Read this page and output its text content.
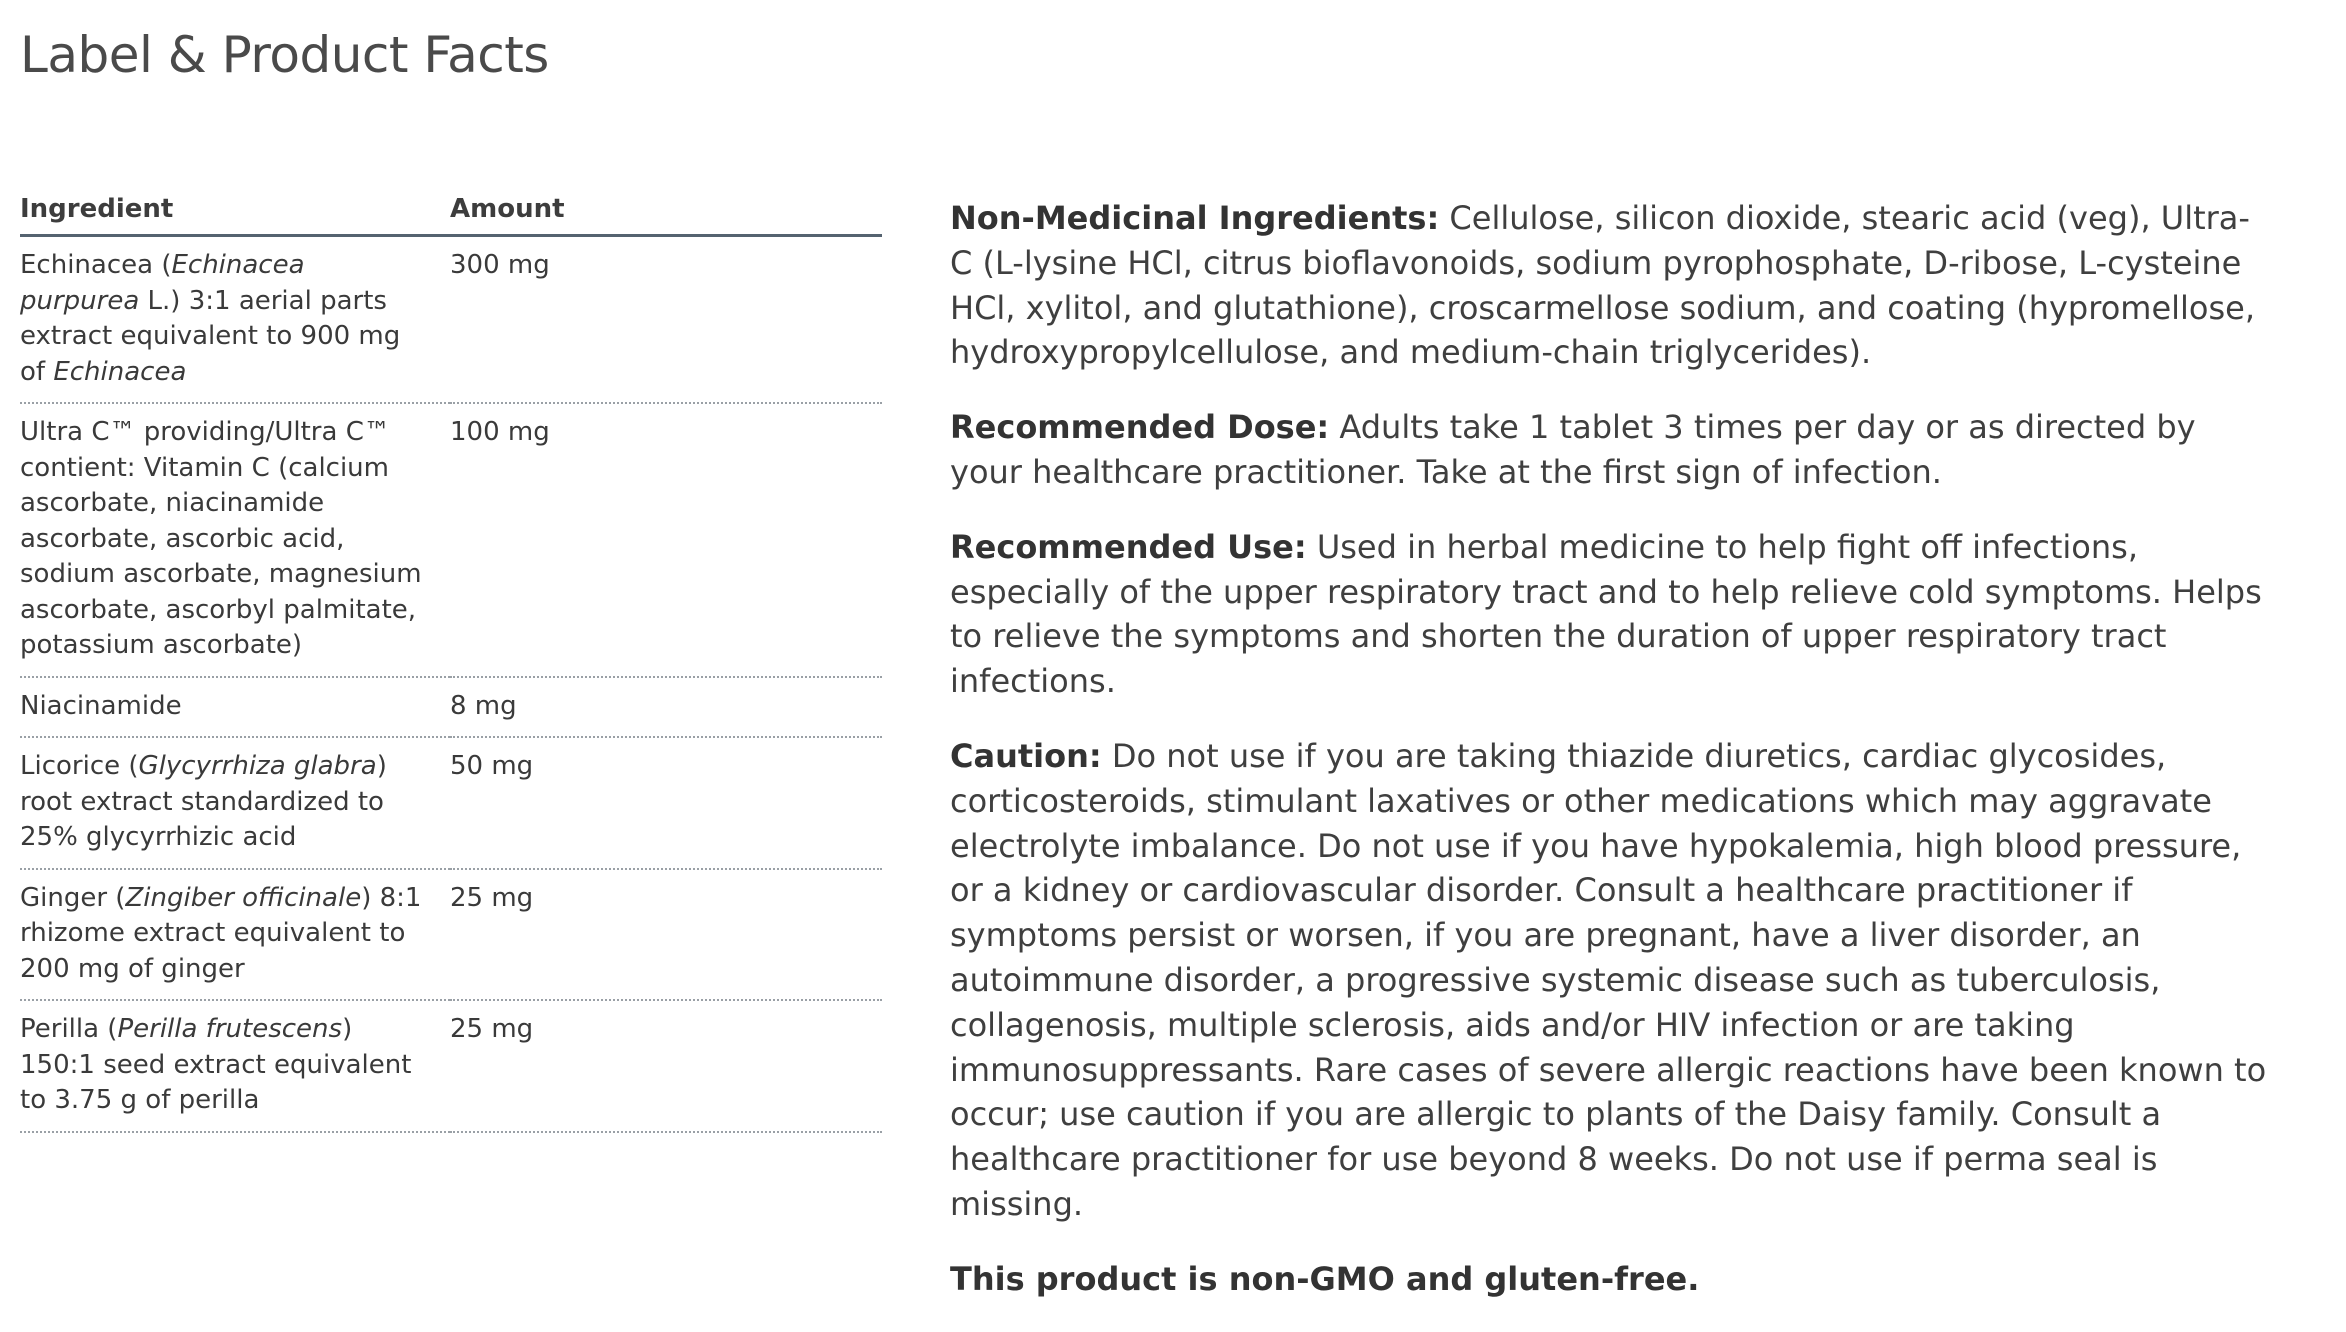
Label & Product Facts
Ingredient	Amount
Echinacea (Echinacea purpurea L.) 3:1 aerial parts extract equivalent to 900 mg of Echinacea	300 mg
Ultra C™ providing/Ultra C™ contient: Vitamin C (calcium ascorbate, niacinamide ascorbate, ascorbic acid, sodium ascorbate, magnesium ascorbate, ascorbyl palmitate, potassium ascorbate)	100 mg
Niacinamide	8 mg
Licorice (Glycyrrhiza glabra) root extract standardized to 25% glycyrrhizic acid	50 mg
Ginger (Zingiber officinale) 8:1 rhizome extract equivalent to 200 mg of ginger	25 mg
Perilla (Perilla frutescens) 150:1 seed extract equivalent to 3.75 g of perilla	25 mg

Non-Medicinal Ingredients: Cellulose, silicon dioxide, stearic acid (veg), Ultra-C (L-lysine HCl, citrus bioflavonoids, sodium pyrophosphate, D-ribose, L-cysteine HCl, xylitol, and glutathione), croscarmellose sodium, and coating (hypromellose, hydroxypropylcellulose, and medium-chain triglycerides).

Recommended Dose: Adults take 1 tablet 3 times per day or as directed by your healthcare practitioner. Take at the first sign of infection.

Recommended Use: Used in herbal medicine to help fight off infections, especially of the upper respiratory tract and to help relieve cold symptoms. Helps to relieve the symptoms and shorten the duration of upper respiratory tract infections.

Caution: Do not use if you are taking thiazide diuretics, cardiac glycosides, corticosteroids, stimulant laxatives or other medications which may aggravate electrolyte imbalance. Do not use if you have hypokalemia, high blood pressure, or a kidney or cardiovascular disorder. Consult a healthcare practitioner if symptoms persist or worsen, if you are pregnant, have a liver disorder, an autoimmune disorder, a progressive systemic disease such as tuberculosis, collagenosis, multiple sclerosis, aids and/or HIV infection or are taking immunosuppressants. Rare cases of severe allergic reactions have been known to occur; use caution if you are allergic to plants of the Daisy family. Consult a healthcare practitioner for use beyond 8 weeks. Do not use if perma seal is missing.

This product is non-GMO and gluten-free.
